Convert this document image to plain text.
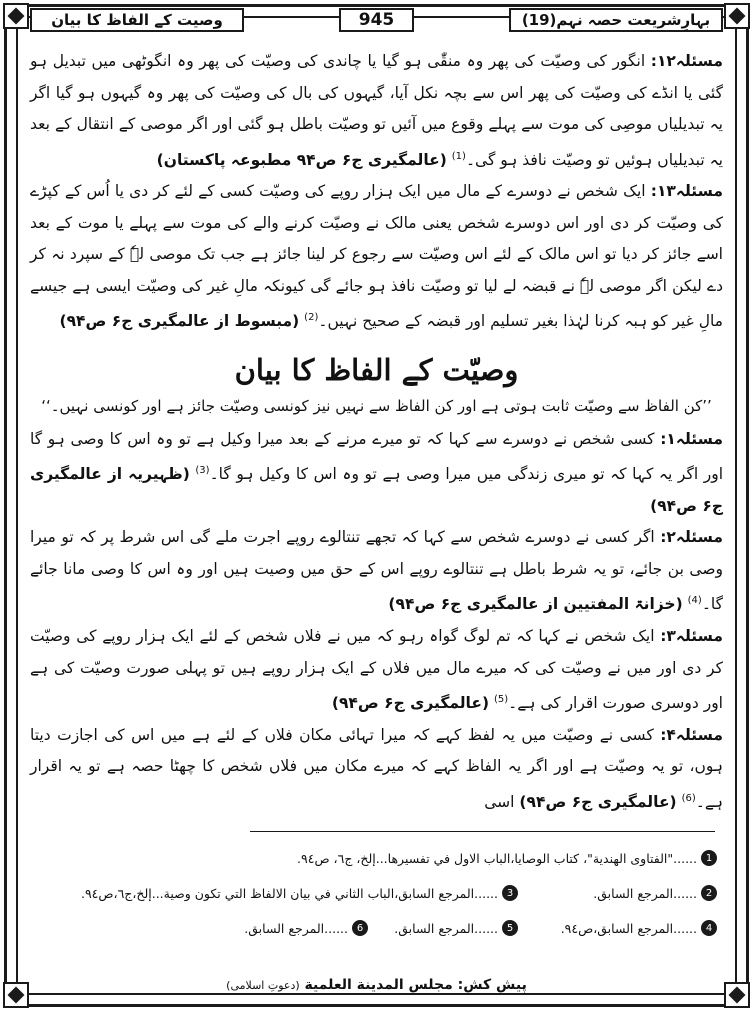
بہارِشریعت حصہ نہم(19)
945
وصیت کے الفاظ کا بیان

مسئلہ۱۲: انگور کی وصیّت کی پھر وہ منقّٰی ہو گیا یا چاندی کی وصیّت کی پھر وہ انگوٹھی میں تبدیل ہو گئی یا انڈے کی وصیّت کی پھر اس سے بچہ نکل آیا، گیہوں کی بال کی وصیّت کی پھر وہ گیہوں ہو گیا اگر یہ تبدیلیاں موصِی کی موت سے پہلے وقوع میں آئیں تو وصیّت باطل ہو گئی اور اگر موصی کے انتقال کے بعد یہ تبدیلیاں ہوئیں تو وصیّت نافذ ہو گی۔$^{(1)}$ (عالمگیری ج۶ ص۹۴ مطبوعہ پاکستان)

مسئلہ۱۳: ایک شخص نے دوسرے کے مال میں ایک ہزار روپے کی وصیّت کسی کے لئے کر دی یا اُس کے کپڑے کی وصیّت کر دی اور اس دوسرے شخص یعنی مالک نے وصیّت کرنے والے کی موت سے پہلے یا موت کے بعد اسے جائز کر دیا تو اس مالک کے لئے اس وصیّت سے رجوع کر لینا جائز ہے جب تک موصی لہٗ کے سپرد نہ کر دے لیکن اگر موصی لہٗ نے قبضہ لے لیا تو وصیّت نافذ ہو جائے گی کیونکہ مالِ غیر کی وصیّت ایسی ہے جیسے مالِ غیر کو ہبہ کرنا لہٰذا بغیر تسلیم اور قبضہ کے صحیح نہیں۔$^{(2)}$ (مبسوط از عالمگیری ج۶ ص۹۴)

وصیّت کے الفاظ کا بیان
’’کن الفاظ سے وصیّت ثابت ہوتی ہے اور کن الفاظ سے نہیں نیز کونسی وصیّت جائز ہے اور کونسی نہیں۔‘‘

مسئلہ۱: کسی شخص نے دوسرے سے کہا کہ تو میرے مرنے کے بعد میرا وکیل ہے تو وہ اس کا وصی ہو گا اور اگر یہ کہا کہ تو میری زندگی میں میرا وصی ہے تو وہ اس کا وکیل ہو گا۔$^{(3)}$ (ظہیریہ از عالمگیری ج۶ ص۹۴)

مسئلہ۲: اگر کسی نے دوسرے شخص سے کہا کہ تجھے تنتالوے روپے اجرت ملے گی اس شرط پر کہ تو میرا وصی بن جائے، تو یہ شرط باطل ہے تنتالوے روپے اس کے حق میں وصیت ہیں اور وہ اس کا وصی مانا جائے گا۔$^{(4)}$ (خزانۃ المفتیین از عالمگیری ج۶ ص۹۴)

مسئلہ۳: ایک شخص نے کہا کہ تم لوگ گواہ رہو کہ میں نے فلاں شخص کے لئے ایک ہزار روپے کی وصیّت کر دی اور میں نے وصیّت کی کہ میرے مال میں فلاں کے ایک ہزار روپے ہیں تو پہلی صورت وصیّت کی ہے اور دوسری صورت اقرار کی ہے۔$^{(5)}$ (عالمگیری ج۶ ص۹۴)

مسئلہ۴: کسی نے وصیّت میں یہ لفظ کہے کہ میرا تہائی مکان فلاں کے لئے ہے میں اس کی اجازت دیتا ہوں، تو یہ وصیّت ہے اور اگر یہ الفاظ کہے کہ میرے مکان میں فلاں شخص کا چھٹا حصہ ہے تو یہ اقرار ہے۔$^{(6)}$ (عالمگیری ج۶ ص۹۴) اسی

1
......"الفتاوی الهندية"، كتاب الوصايا،الباب الاول في تفسيرها...إلخ، ج٦، ص٩٤.
2
......المرجع السابق.
3
......المرجع السابق،الباب الثاني في بيان الالفاظ التي تكون وصية...إلخ،ج٦،ص٩٤.
4
......المرجع السابق،ص٩٤.
5
......المرجع السابق.
6
......المرجع السابق.
پیش کش: مجلس المدينة العلمية (دعوتِ اسلامی)
